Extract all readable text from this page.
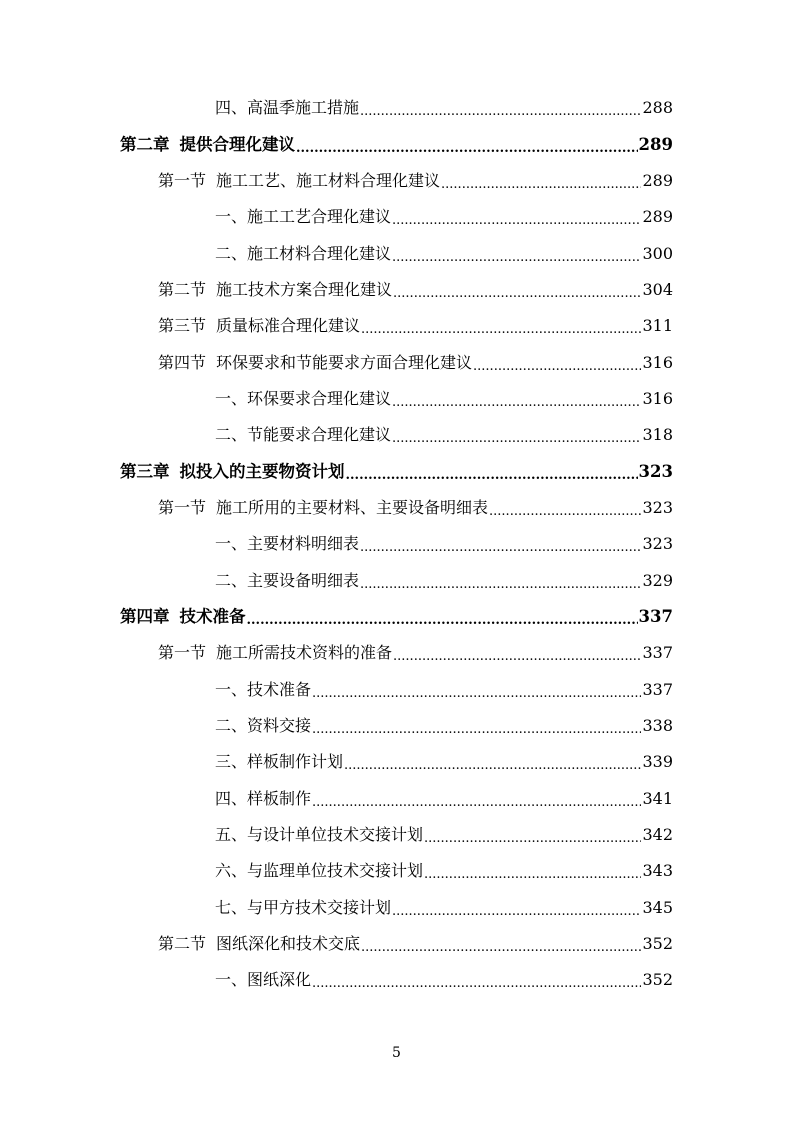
四、高温季施工措施 .....	288
第二章 提供合理化建议 .....	289
第一节 施工工艺、施工材料合理化建议 .....	289
一、施工工艺合理化建议 .....	289
二、施工材料合理化建议 .....	300
第二节 施工技术方案合理化建议 .....	304
第三节 质量标准合理化建议 .....	311
第四节 环保要求和节能要求方面合理化建议 .....	316
一、环保要求合理化建议 .....	316
二、节能要求合理化建议 .....	318
第三章 拟投入的主要物资计划 .....	323
第一节 施工所用的主要材料、主要设备明细表 .....	323
一、主要材料明细表 .....	323
二、主要设备明细表 .....	329
第四章 技术准备 .....	337
第一节 施工所需技术资料的准备 .....	337
一、技术准备 .....	337
二、资料交接 .....	338
三、样板制作计划 .....	339
四、样板制作 .....	341
五、与设计单位技术交接计划 .....	342
六、与监理单位技术交接计划 .....	343
七、与甲方技术交接计划 .....	345
第二节 图纸深化和技术交底 .....	352
一、图纸深化 .....	352
5
